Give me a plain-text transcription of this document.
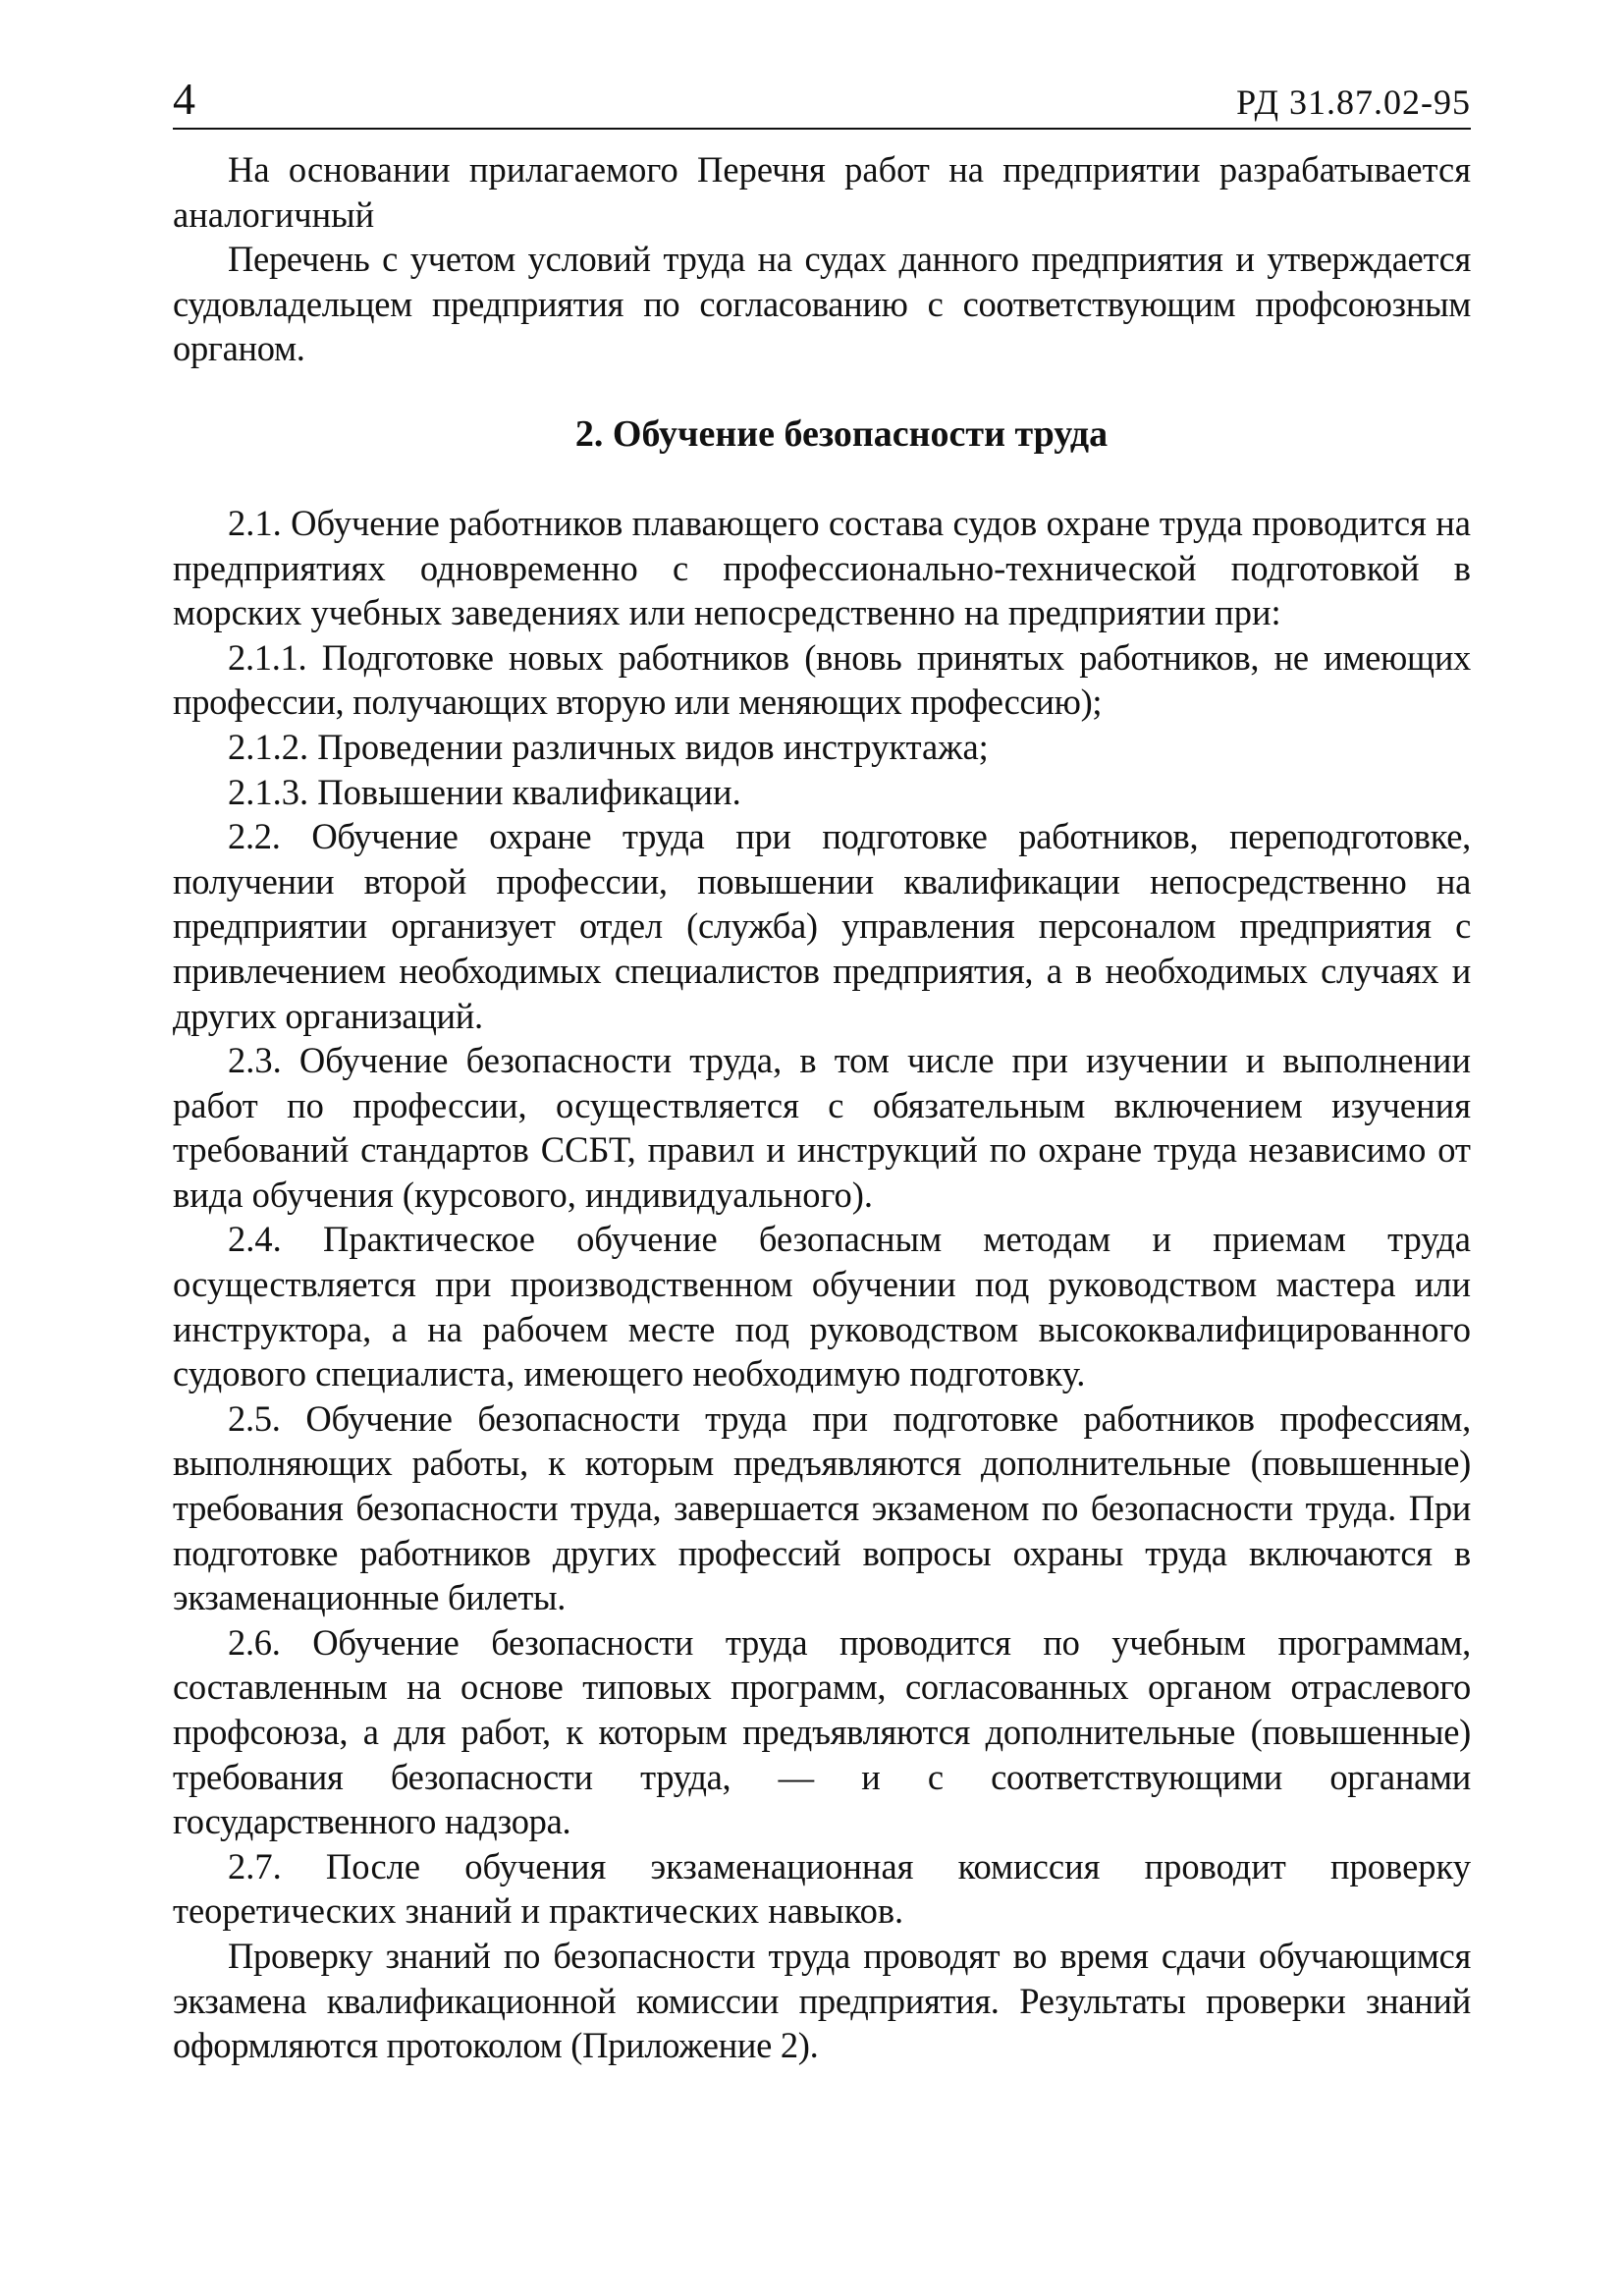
4	РД 31.87.02-95

На основании прилагаемого Перечня работ на предприятии разрабатывается аналогичный

Перечень с учетом условий труда на судах данного предприятия и утверждается судовладельцем предприятия по согласованию с соответствующим профсоюзным органом.

2. Обучение безопасности труда

2.1. Обучение работников плавающего состава судов охране труда проводится на предприятиях одновременно с профессионально-технической подготовкой в морских учебных заведениях или непосредственно на предприятии при:

2.1.1. Подготовке новых работников (вновь принятых работников, не имеющих профессии, получающих вторую или меняющих профессию);

2.1.2. Проведении различных видов инструктажа;

2.1.3. Повышении квалификации.

2.2. Обучение охране труда при подготовке работников, переподготовке, получении второй профессии, повышении квалификации непосредственно на предприятии организует отдел (служба) управления персоналом предприятия с привлечением необходимых специалистов предприятия, а в необходимых случаях и других организаций.

2.3. Обучение безопасности труда, в том числе при изучении и выполнении работ по профессии, осуществляется с обязательным включением изучения требований стандартов ССБТ, правил и инструкций по охране труда независимо от вида обучения (курсового, индивидуального).

2.4. Практическое обучение безопасным методам и приемам труда осуществляется при производственном обучении под руководством мастера или инструктора, а на рабочем месте под руководством высококвалифицированного судового специалиста, имеющего необходимую подготовку.

2.5. Обучение безопасности труда при подготовке работников профессиям, выполняющих работы, к которым предъявляются дополнительные (повышенные) требования безопасности труда, завершается экзаменом по безопасности труда. При подготовке работников других профессий вопросы охраны труда включаются в экзаменационные билеты.

2.6. Обучение безопасности труда проводится по учебным программам, составленным на основе типовых программ, согласованных органом отраслевого профсоюза, а для работ, к которым предъявляются дополнительные (повышенные) требования безопасности труда, — и с соответствующими органами государственного надзора.

2.7. После обучения экзаменационная комиссия проводит проверку теоретических знаний и практических навыков.

Проверку знаний по безопасности труда проводят во время сдачи обучающимся экзамена квалификационной комиссии предприятия. Результаты проверки знаний оформляются протоколом (Приложение 2).
